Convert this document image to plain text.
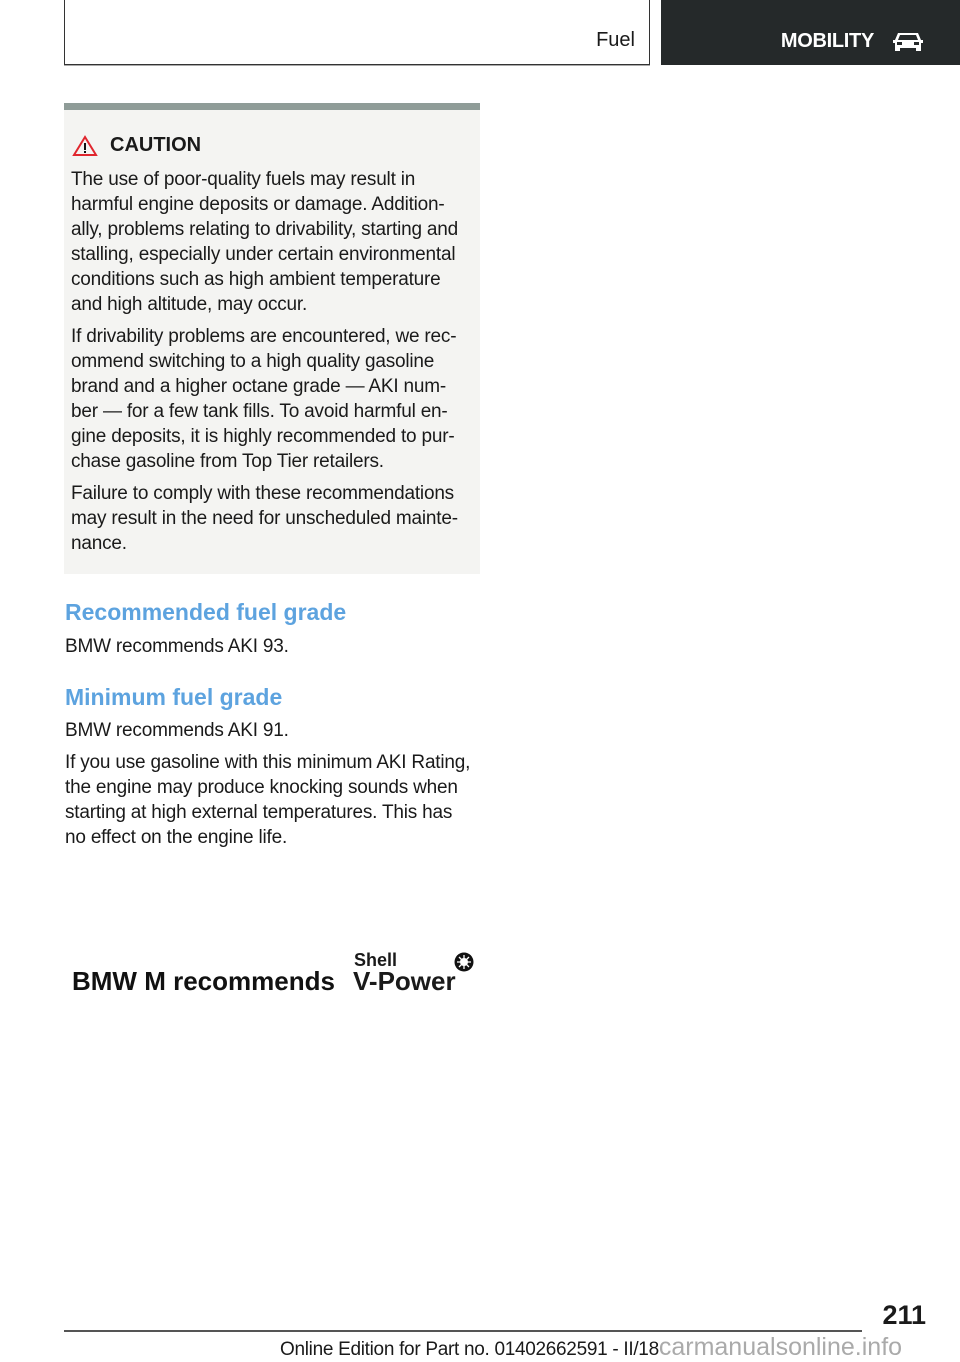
Fuel	MOBILITY
CAUTION

The use of poor-quality fuels may result in
harmful engine deposits or damage. Addition-
ally, problems relating to drivability, starting and
stalling, especially under certain environmental
conditions such as high ambient temperature
and high altitude, may occur.

If drivability problems are encountered, we rec-
ommend switching to a high quality gasoline
brand and a higher octane grade — AKI num-
ber — for a few tank fills. To avoid harmful en-
gine deposits, it is highly recommended to pur-
chase gasoline from Top Tier retailers.

Failure to comply with these recommendations
may result in the need for unscheduled mainte-
nance.

Recommended fuel grade

BMW recommends AKI 93.

Minimum fuel grade

BMW recommends AKI 91.

If you use gasoline with this minimum AKI Rating,
the engine may produce knocking sounds when
starting at high external temperatures. This has
no effect on the engine life.

BMW M recommends
Shell
V-Power
211
Online Edition for Part no. 01402662591 - II/18carmanualsonline.info
